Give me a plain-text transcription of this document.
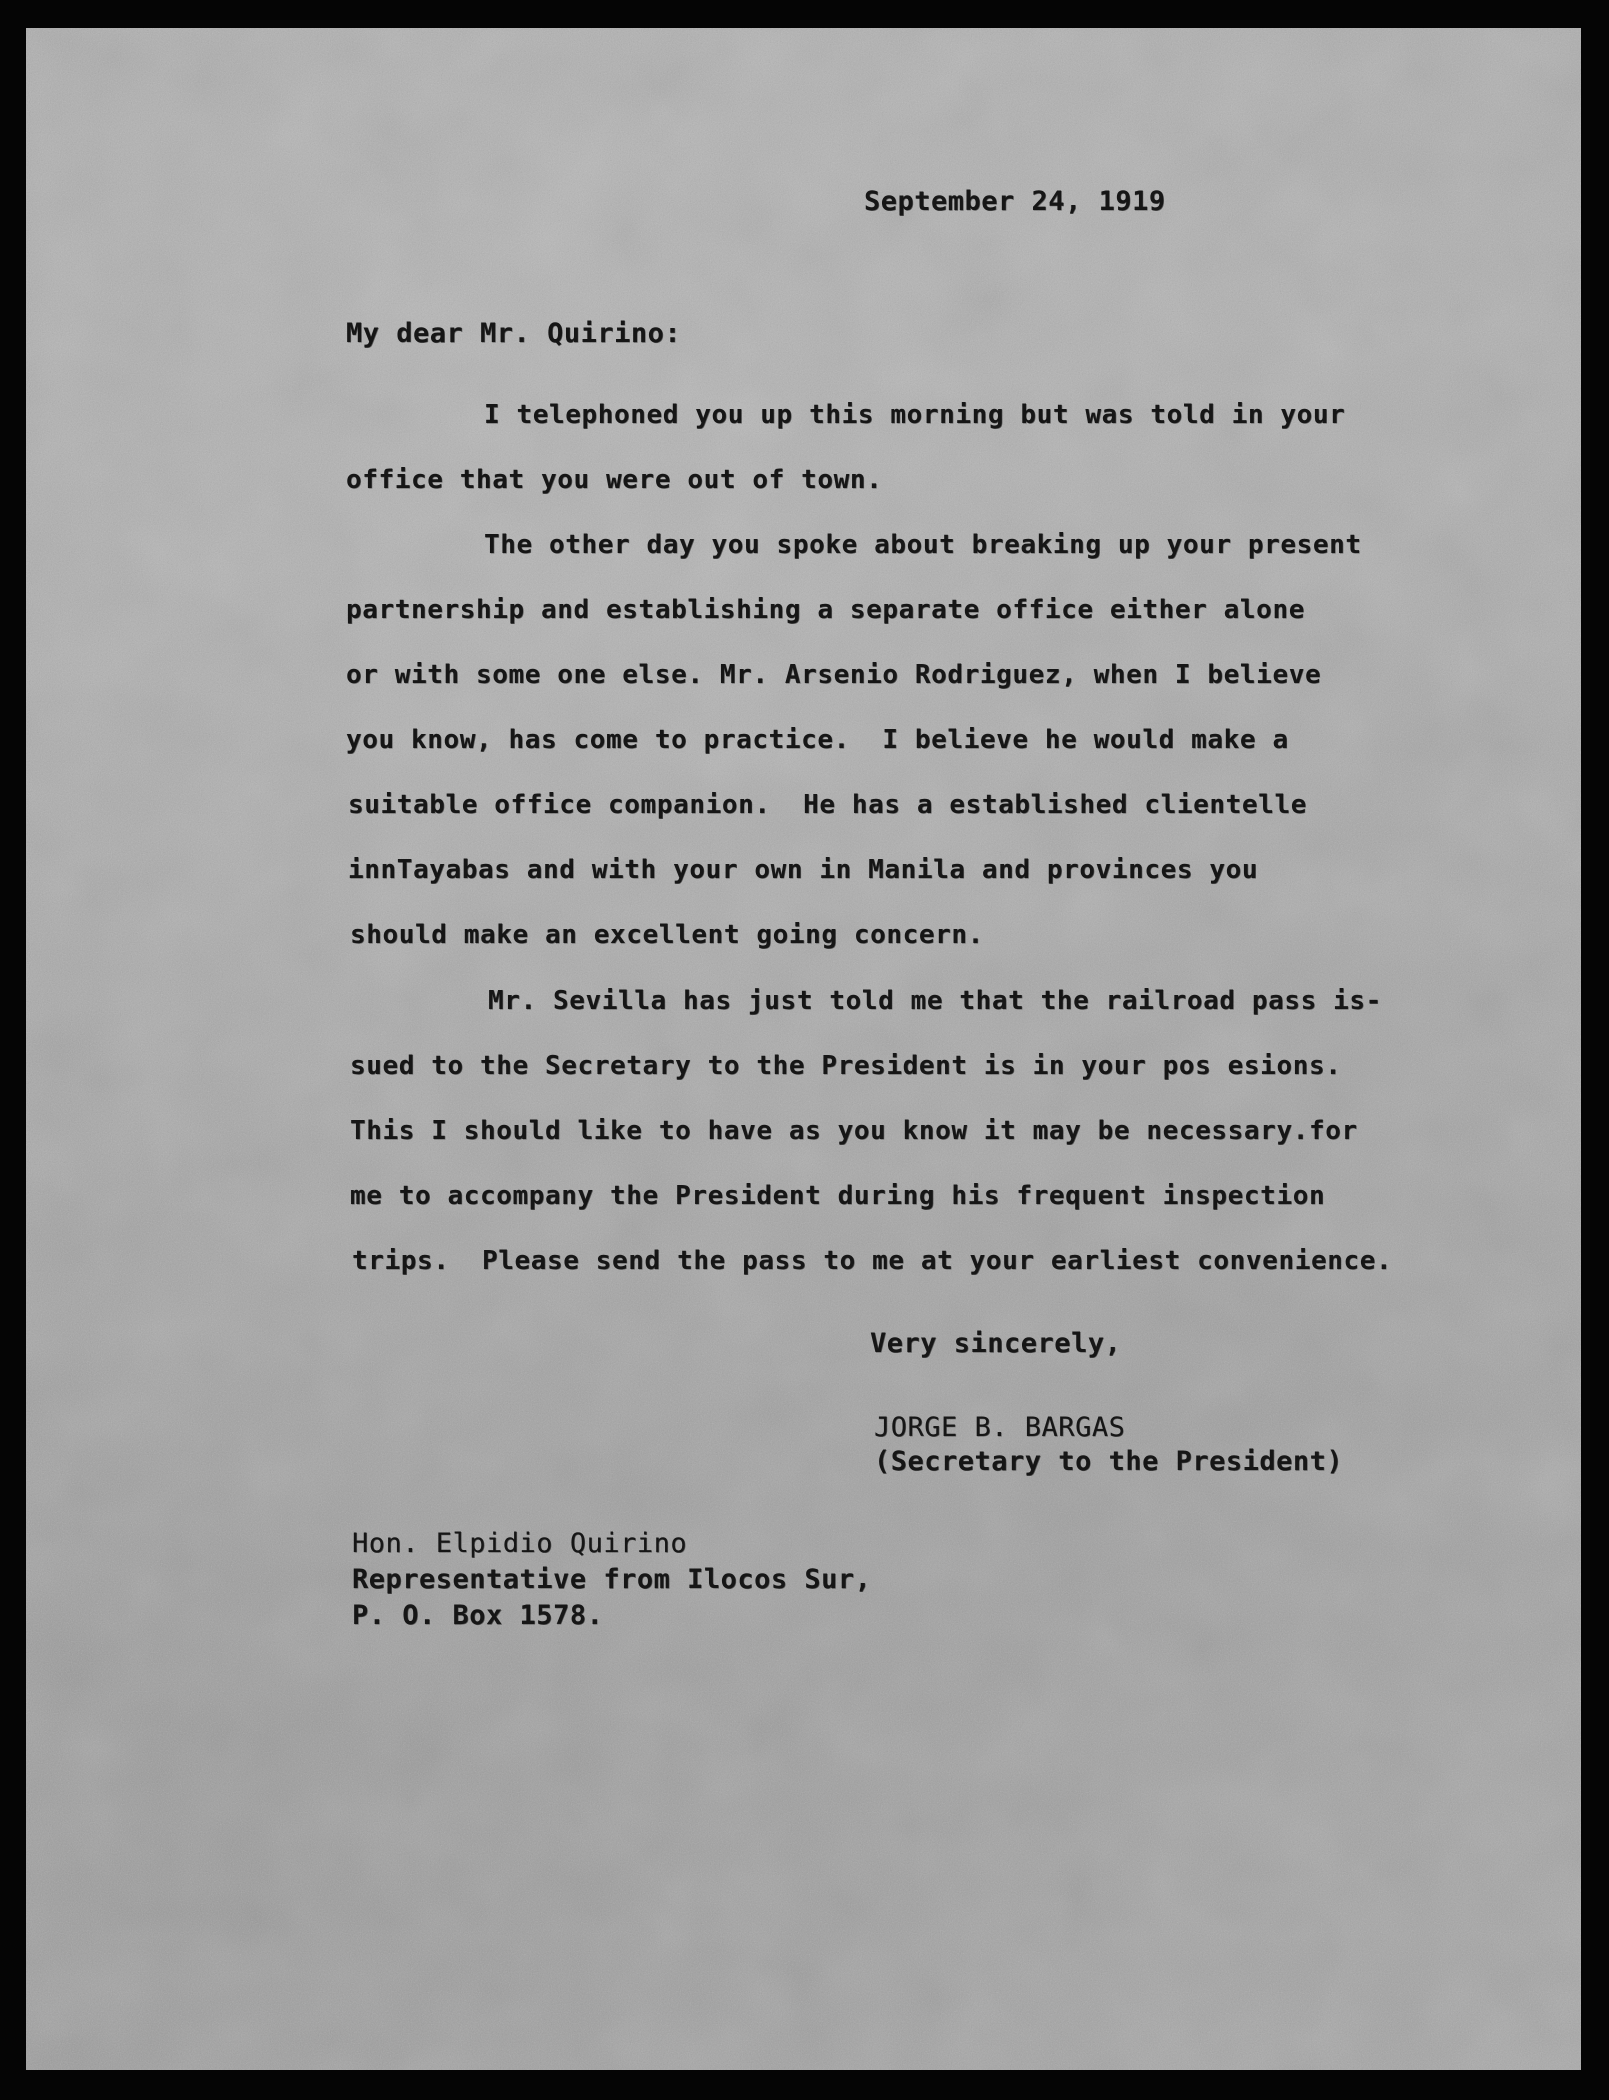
September 24, 1919
My dear Mr. Quirino:
I telephoned you up this morning but was told in your
office that you were out of town.
The other day you spoke about breaking up your present
partnership and establishing a separate office either alone
or with some one else. Mr. Arsenio Rodriguez, when I believe
you know, has come to practice.  I believe he would make a
suitable office companion.  He has a established clientelle
innTayabas and with your own in Manila and provinces you
should make an excellent going concern.
Mr. Sevilla has just told me that the railroad pass is-
sued to the Secretary to the President is in your pos esions.
This I should like to have as you know it may be necessary.for
me to accompany the President during his frequent inspection
trips.  Please send the pass to me at your earliest convenience.
Very sincerely,
JORGE B. BARGAS
(Secretary to the President)
Hon. Elpidio Quirino
Representative from Ilocos Sur,
P. O. Box 1578.
